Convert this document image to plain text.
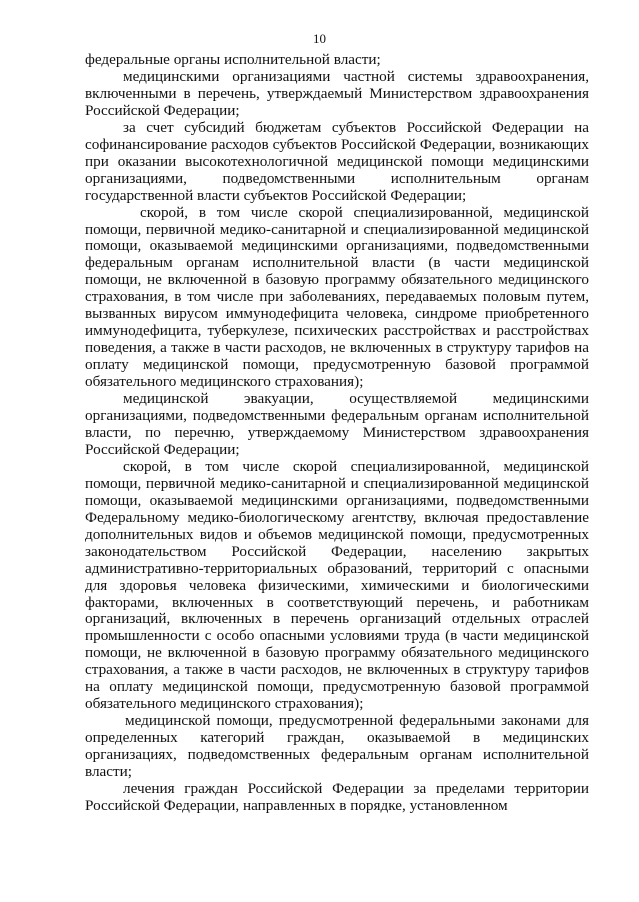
10

федеральные органы исполнительной власти;

медицинскими организациями частной системы здравоохранения, включенными в перечень, утверждаемый Министерством здравоохранения Российской Федерации;

за счет субсидий бюджетам субъектов Российской Федерации на софинансирование расходов субъектов Российской Федерации, возникающих при оказании высокотехнологичной медицинской помощи медицинскими организациями, подведомственными исполнительным органам государственной власти субъектов Российской Федерации;

скорой, в том числе скорой специализированной, медицинской помощи, первичной медико-санитарной и специализированной медицинской помощи, оказываемой медицинскими организациями, подведомственными федеральным органам исполнительной власти (в части медицинской помощи, не включенной в базовую программу обязательного медицинского страхования, в том числе при заболеваниях, передаваемых половым путем, вызванных вирусом иммунодефицита человека, синдроме приобретенного иммунодефицита, туберкулезе, психических расстройствах и расстройствах поведения, а также в части расходов, не включенных в структуру тарифов на оплату медицинской помощи, предусмотренную базовой программой обязательного медицинского страхования);

медицинской эвакуации, осуществляемой медицинскими организациями, подведомственными федеральным органам исполнительной власти, по перечню, утверждаемому Министерством здравоохранения Российской Федерации;

скорой, в том числе скорой специализированной, медицинской помощи, первичной медико-санитарной и специализированной медицинской помощи, оказываемой медицинскими организациями, подведомственными Федеральному медико-биологическому агентству, включая предоставление дополнительных видов и объемов медицинской помощи, предусмотренных законодательством Российской Федерации, населению закрытых административно-территориальных образований, территорий с опасными для здоровья человека физическими, химическими и биологическими факторами, включенных в соответствующий перечень, и работникам организаций, включенных в перечень организаций отдельных отраслей промышленности с особо опасными условиями труда (в части медицинской помощи, не включенной в базовую программу обязательного медицинского страхования, а также в части расходов, не включенных в структуру тарифов на оплату медицинской помощи, предусмотренную базовой программой обязательного медицинского страхования);

медицинской помощи, предусмотренной федеральными законами для определенных категорий граждан, оказываемой в медицинских организациях, подведомственных федеральным органам исполнительной власти;

лечения граждан Российской Федерации за пределами территории Российской Федерации, направленных в порядке, установленном
